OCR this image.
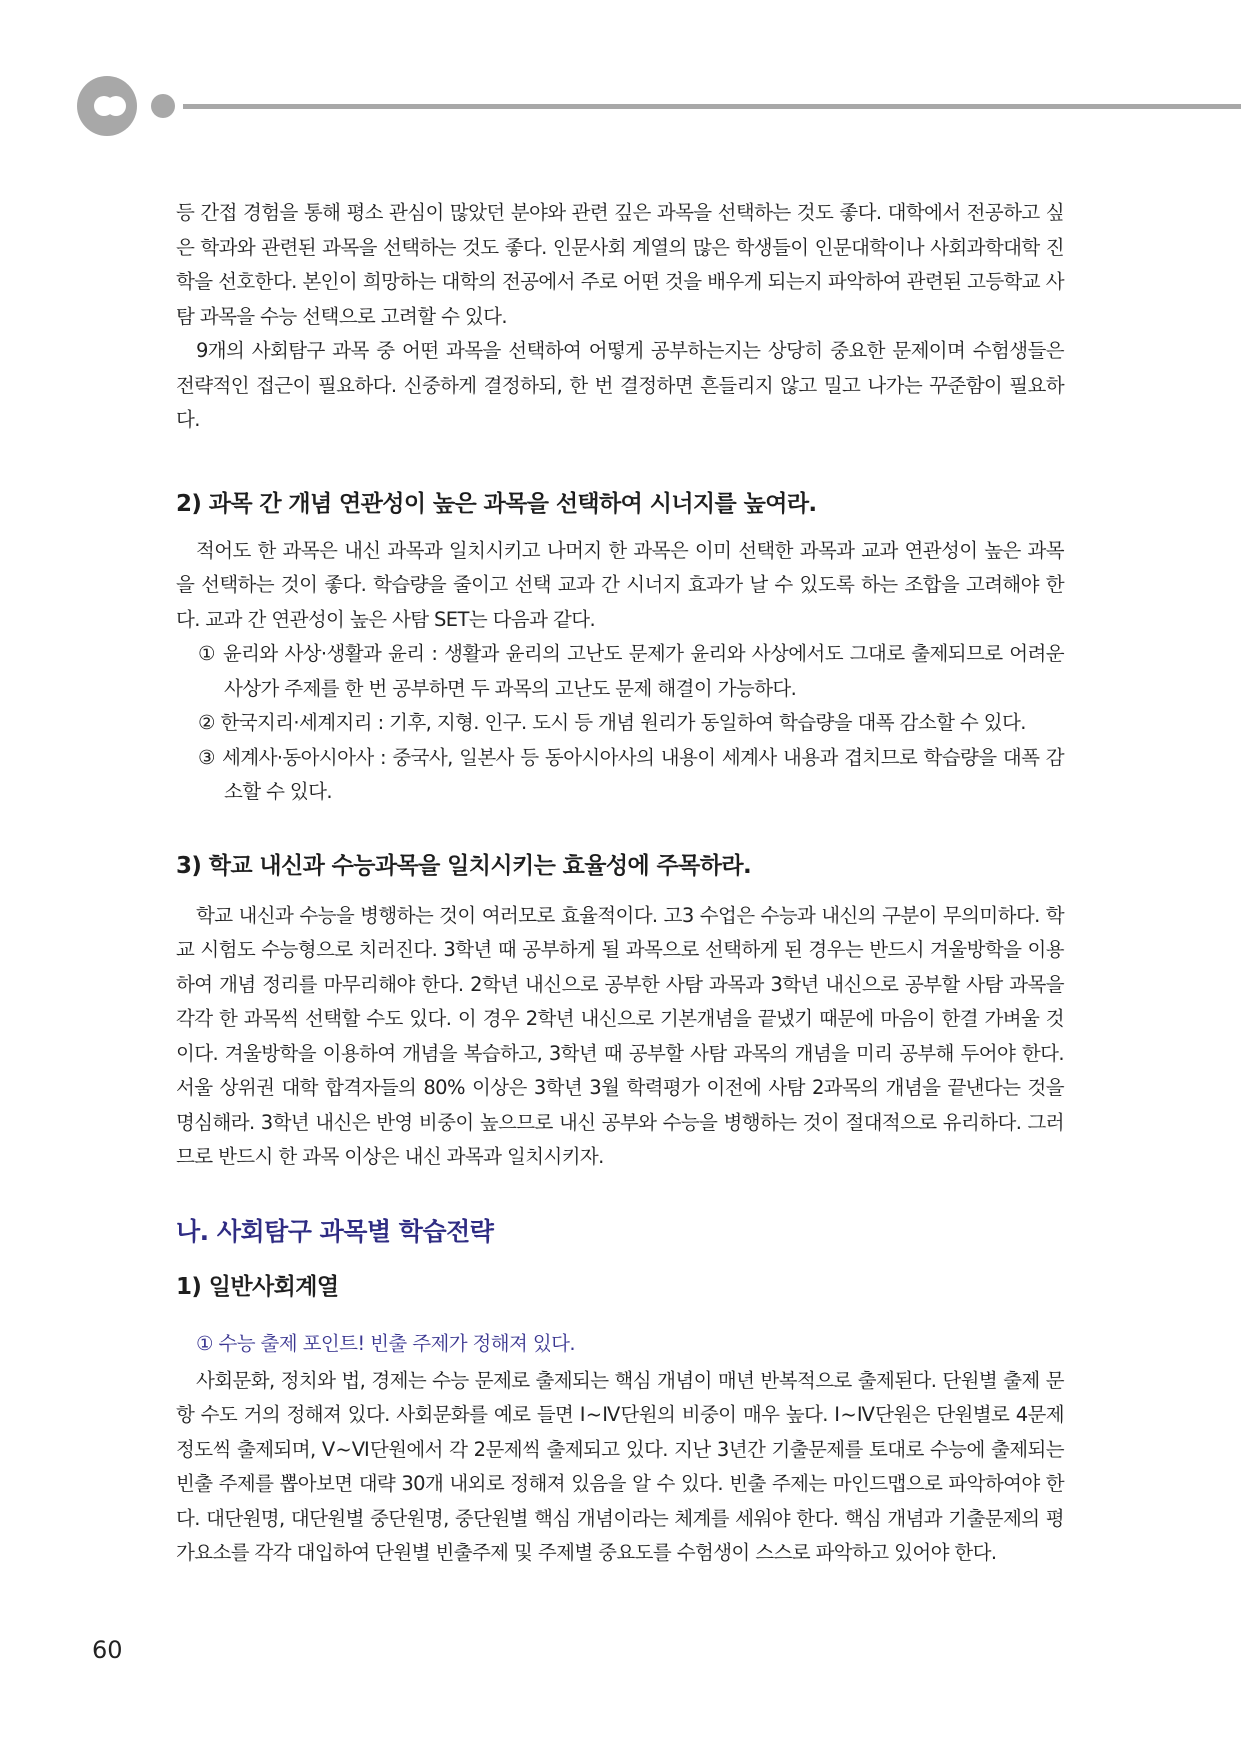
등 간접 경험을 통해 평소 관심이 많았던 분야와 관련 깊은 과목을 선택하는 것도 좋다. 대학에서 전공하고 싶은 학과와 관련된 과목을 선택하는 것도 좋다. 인문사회 계열의 많은 학생들이 인문대학이나 사회과학대학 진학을 선호한다. 본인이 희망하는 대학의 전공에서 주로 어떤 것을 배우게 되는지 파악하여 관련된 고등학교 사탐 과목을 수능 선택으로 고려할 수 있다.

9개의 사회탐구 과목 중 어떤 과목을 선택하여 어떻게 공부하는지는 상당히 중요한 문제이며 수험생들은 전략적인 접근이 필요하다. 신중하게 결정하되, 한 번 결정하면 흔들리지 않고 밀고 나가는 꾸준함이 필요하다.

2) 과목 간 개념 연관성이 높은 과목을 선택하여 시너지를 높여라.

적어도 한 과목은 내신 과목과 일치시키고 나머지 한 과목은 이미 선택한 과목과 교과 연관성이 높은 과목을 선택하는 것이 좋다. 학습량을 줄이고 선택 교과 간 시너지 효과가 날 수 있도록 하는 조합을 고려해야 한다. 교과 간 연관성이 높은 사탐 SET는 다음과 같다.

① 윤리와 사상·생활과 윤리 : 생활과 윤리의 고난도 문제가 윤리와 사상에서도 그대로 출제되므로 어려운 사상가 주제를 한 번 공부하면 두 과목의 고난도 문제 해결이 가능하다.
② 한국지리·세계지리 : 기후, 지형. 인구. 도시 등 개념 원리가 동일하여 학습량을 대폭 감소할 수 있다.
③ 세계사·동아시아사 : 중국사, 일본사 등 동아시아사의 내용이 세계사 내용과 겹치므로 학습량을 대폭 감소할 수 있다.
3) 학교 내신과 수능과목을 일치시키는 효율성에 주목하라.

학교 내신과 수능을 병행하는 것이 여러모로 효율적이다. 고3 수업은 수능과 내신의 구분이 무의미하다. 학교 시험도 수능형으로 치러진다. 3학년 때 공부하게 될 과목으로 선택하게 된 경우는 반드시 겨울방학을 이용하여 개념 정리를 마무리해야 한다. 2학년 내신으로 공부한 사탐 과목과 3학년 내신으로 공부할 사탐 과목을 각각 한 과목씩 선택할 수도 있다. 이 경우 2학년 내신으로 기본개념을 끝냈기 때문에 마음이 한결 가벼울 것이다. 겨울방학을 이용하여 개념을 복습하고, 3학년 때 공부할 사탐 과목의 개념을 미리 공부해 두어야 한다. 서울 상위권 대학 합격자들의 80% 이상은 3학년 3월 학력평가 이전에 사탐 2과목의 개념을 끝낸다는 것을 명심해라. 3학년 내신은 반영 비중이 높으므로 내신 공부와 수능을 병행하는 것이 절대적으로 유리하다. 그러므로 반드시 한 과목 이상은 내신 과목과 일치시키자.

나. 사회탐구 과목별 학습전략
1) 일반사회계열

① 수능 출제 포인트! 빈출 주제가 정해져 있다.

사회문화, 정치와 법, 경제는 수능 문제로 출제되는 핵심 개념이 매년 반복적으로 출제된다. 단원별 출제 문항 수도 거의 정해져 있다. 사회문화를 예로 들면 Ⅰ~Ⅳ단원의 비중이 매우 높다. Ⅰ~Ⅳ단원은 단원별로 4문제 정도씩 출제되며, Ⅴ~Ⅵ단원에서 각 2문제씩 출제되고 있다. 지난 3년간 기출문제를 토대로 수능에 출제되는 빈출 주제를 뽑아보면 대략 30개 내외로 정해져 있음을 알 수 있다. 빈출 주제는 마인드맵으로 파악하여야 한다. 대단원명, 대단원별 중단원명, 중단원별 핵심 개념이라는 체계를 세워야 한다. 핵심 개념과 기출문제의 평가요소를 각각 대입하여 단원별 빈출주제 및 주제별 중요도를 수험생이 스스로 파악하고 있어야 한다.

60
